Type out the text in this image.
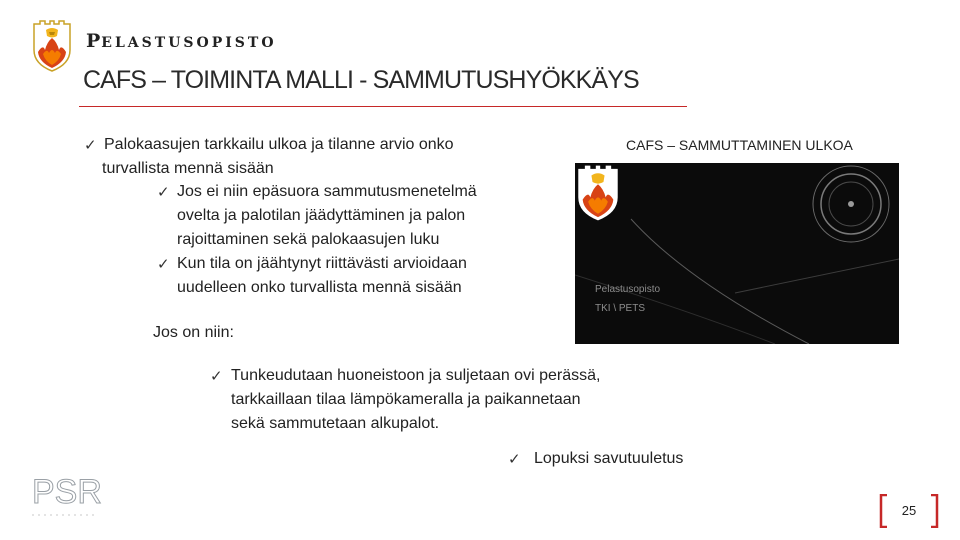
PELASTUSOPISTO
CAFS – TOIMINTA MALLI - SAMMUTUSHYÖKKÄYS
✓ Palokaasujen tarkkailu ulkoa ja tilanne arvio onko
turvallista mennä sisään
✓ Jos ei niin epäsuora sammutusmenetelmä
ovelta ja palotilan jäädyttäminen ja palon
rajoittaminen sekä palokaasujen luku
✓ Kun tila on jäähtynyt riittävästi arvioidaan
uudelleen onko turvallista mennä sisään
Jos on niin:
✓ Tunkeudutaan huoneistoon ja suljetaan ovi perässä,
tarkkaillaan tilaa lämpökameralla ja paikannetaan
sekä sammutetaan alkupalot.
✓ Lopuksi savutuuletus
CAFS – SAMMUTTAMINEN ULKOA
Pelastusopisto
TKI \ PETS
PSR	25
